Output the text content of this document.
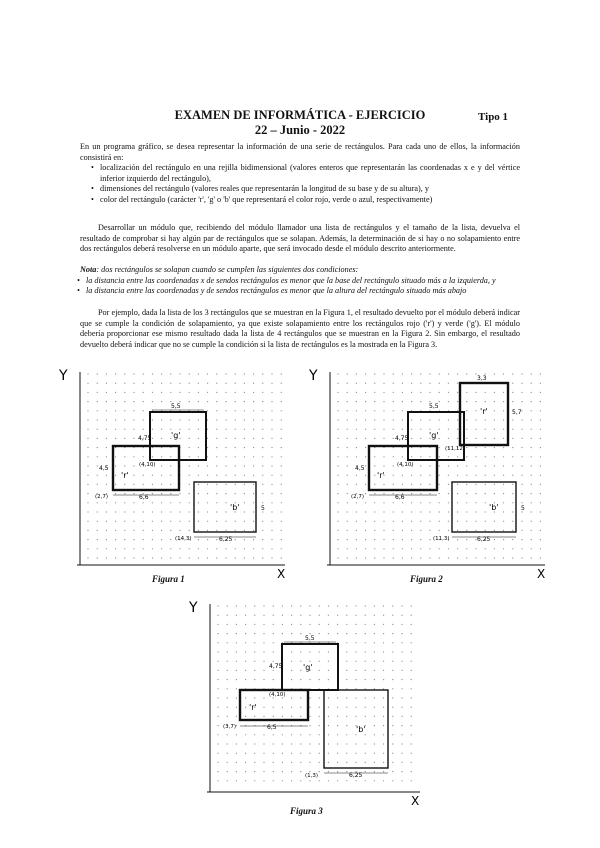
EXAMEN DE INFORMÁTICA - EJERCICIO
22 – Junio - 2022
Tipo 1
En un programa gráfico, se desea representar la información de una serie de rectángulos. Para cada uno de ellos, la información consistirá en:
• localización del rectángulo en una rejilla bidimensional (valores enteros que representarán las coordenadas x e y del vértice inferior izquierdo del rectángulo),
• dimensiones del rectángulo (valores reales que representarán la longitud de su base y de su altura), y
• color del rectángulo (carácter 'r', 'g' o 'b' que representará el color rojo, verde o azul, respectivamente)
Desarrollar un módulo que, recibiendo del módulo llamador una lista de rectángulos y el tamaño de la lista, devuelva el resultado de comprobar si hay algún par de rectángulos que se solapan. Además, la determinación de si hay o no solapamiento entre dos rectángulos deberá resolverse en un módulo aparte, que será invocado desde el módulo descrito anteriormente.
Nota: dos rectángulos se solapan cuando se cumplen las siguientes dos condiciones:
• la distancia entre las coordenadas x de sendos rectángulos es menor que la base del rectángulo situado más a la izquierda, y
• la distancia entre las coordenadas y de sendos rectángulos es menor que la altura del rectángulo situado más abajo
Por ejemplo, dada la lista de los 3 rectángulos que se muestran en la Figura 1, el resultado devuelto por el módulo deberá indicar que se cumple la condición de solapamiento, ya que existe solapamiento entre los rectángulos rojo ('r') y verde ('g'). El módulo debería proporcionar ese mismo resultado dada la lista de 4 rectángulos que se muestran en la Figura 2. Sin embargo, el resultado devuelto deberá indicar que no se cumple la condición si la lista de rectángulos es la mostrada en la Figura 3.
Y
X
'g'
5,5
4,75
(4,10)
'r'
4,5
(2,7)	6,6
'b'	5
(14,3)	6,25
Figura 1
Y
X
'r'
3,3
5,7
(11,12)
'g'
5,5
4,75
(4,10)
'r'
4,5
(2,7)	6,6
'b'	5
(11,3)	6,25
Figura 2
Y
X
'g'
5,5
4,75
(4,10)
'r'
(3,7)	6,5
(1,3)	6,25
'b'
Figura 3
